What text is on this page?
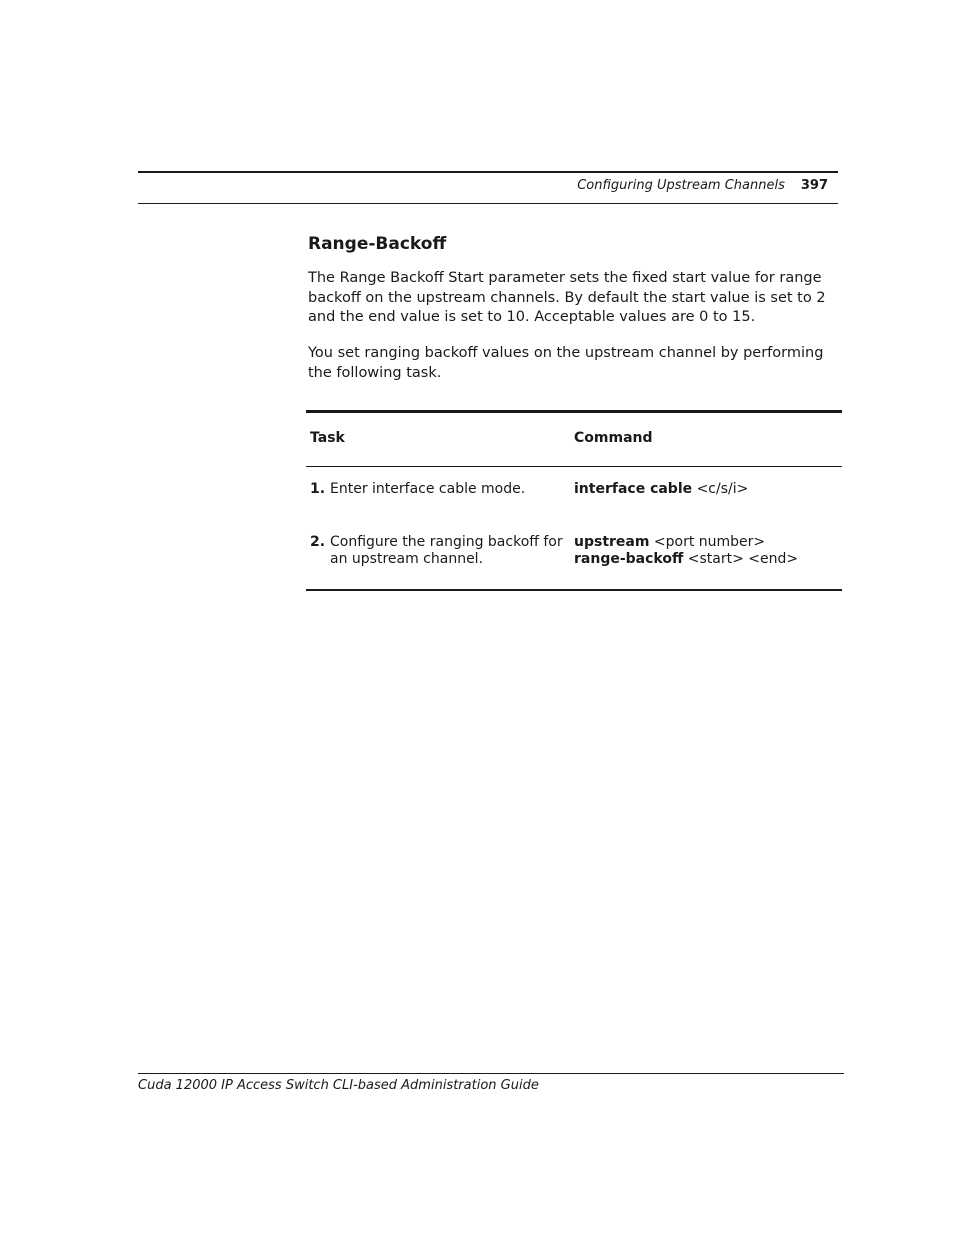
Configuring Upstream Channels 397
Range-Backoff

The Range Backoff Start parameter sets the fixed start value for range backoff on the upstream channels. By default the start value is set to 2 and the end value is set to 10. Acceptable values are 0 to 15.

You set ranging backoff values on the upstream channel by performing the following task.

Task	Command

1. Enter interface cable mode.	interface cable <c/s/i>

2. Configure the ranging backoff for an upstream channel.	upstream <port number>
range-backoff <start> <end>
Cuda 12000 IP Access Switch CLI-based Administration Guide
